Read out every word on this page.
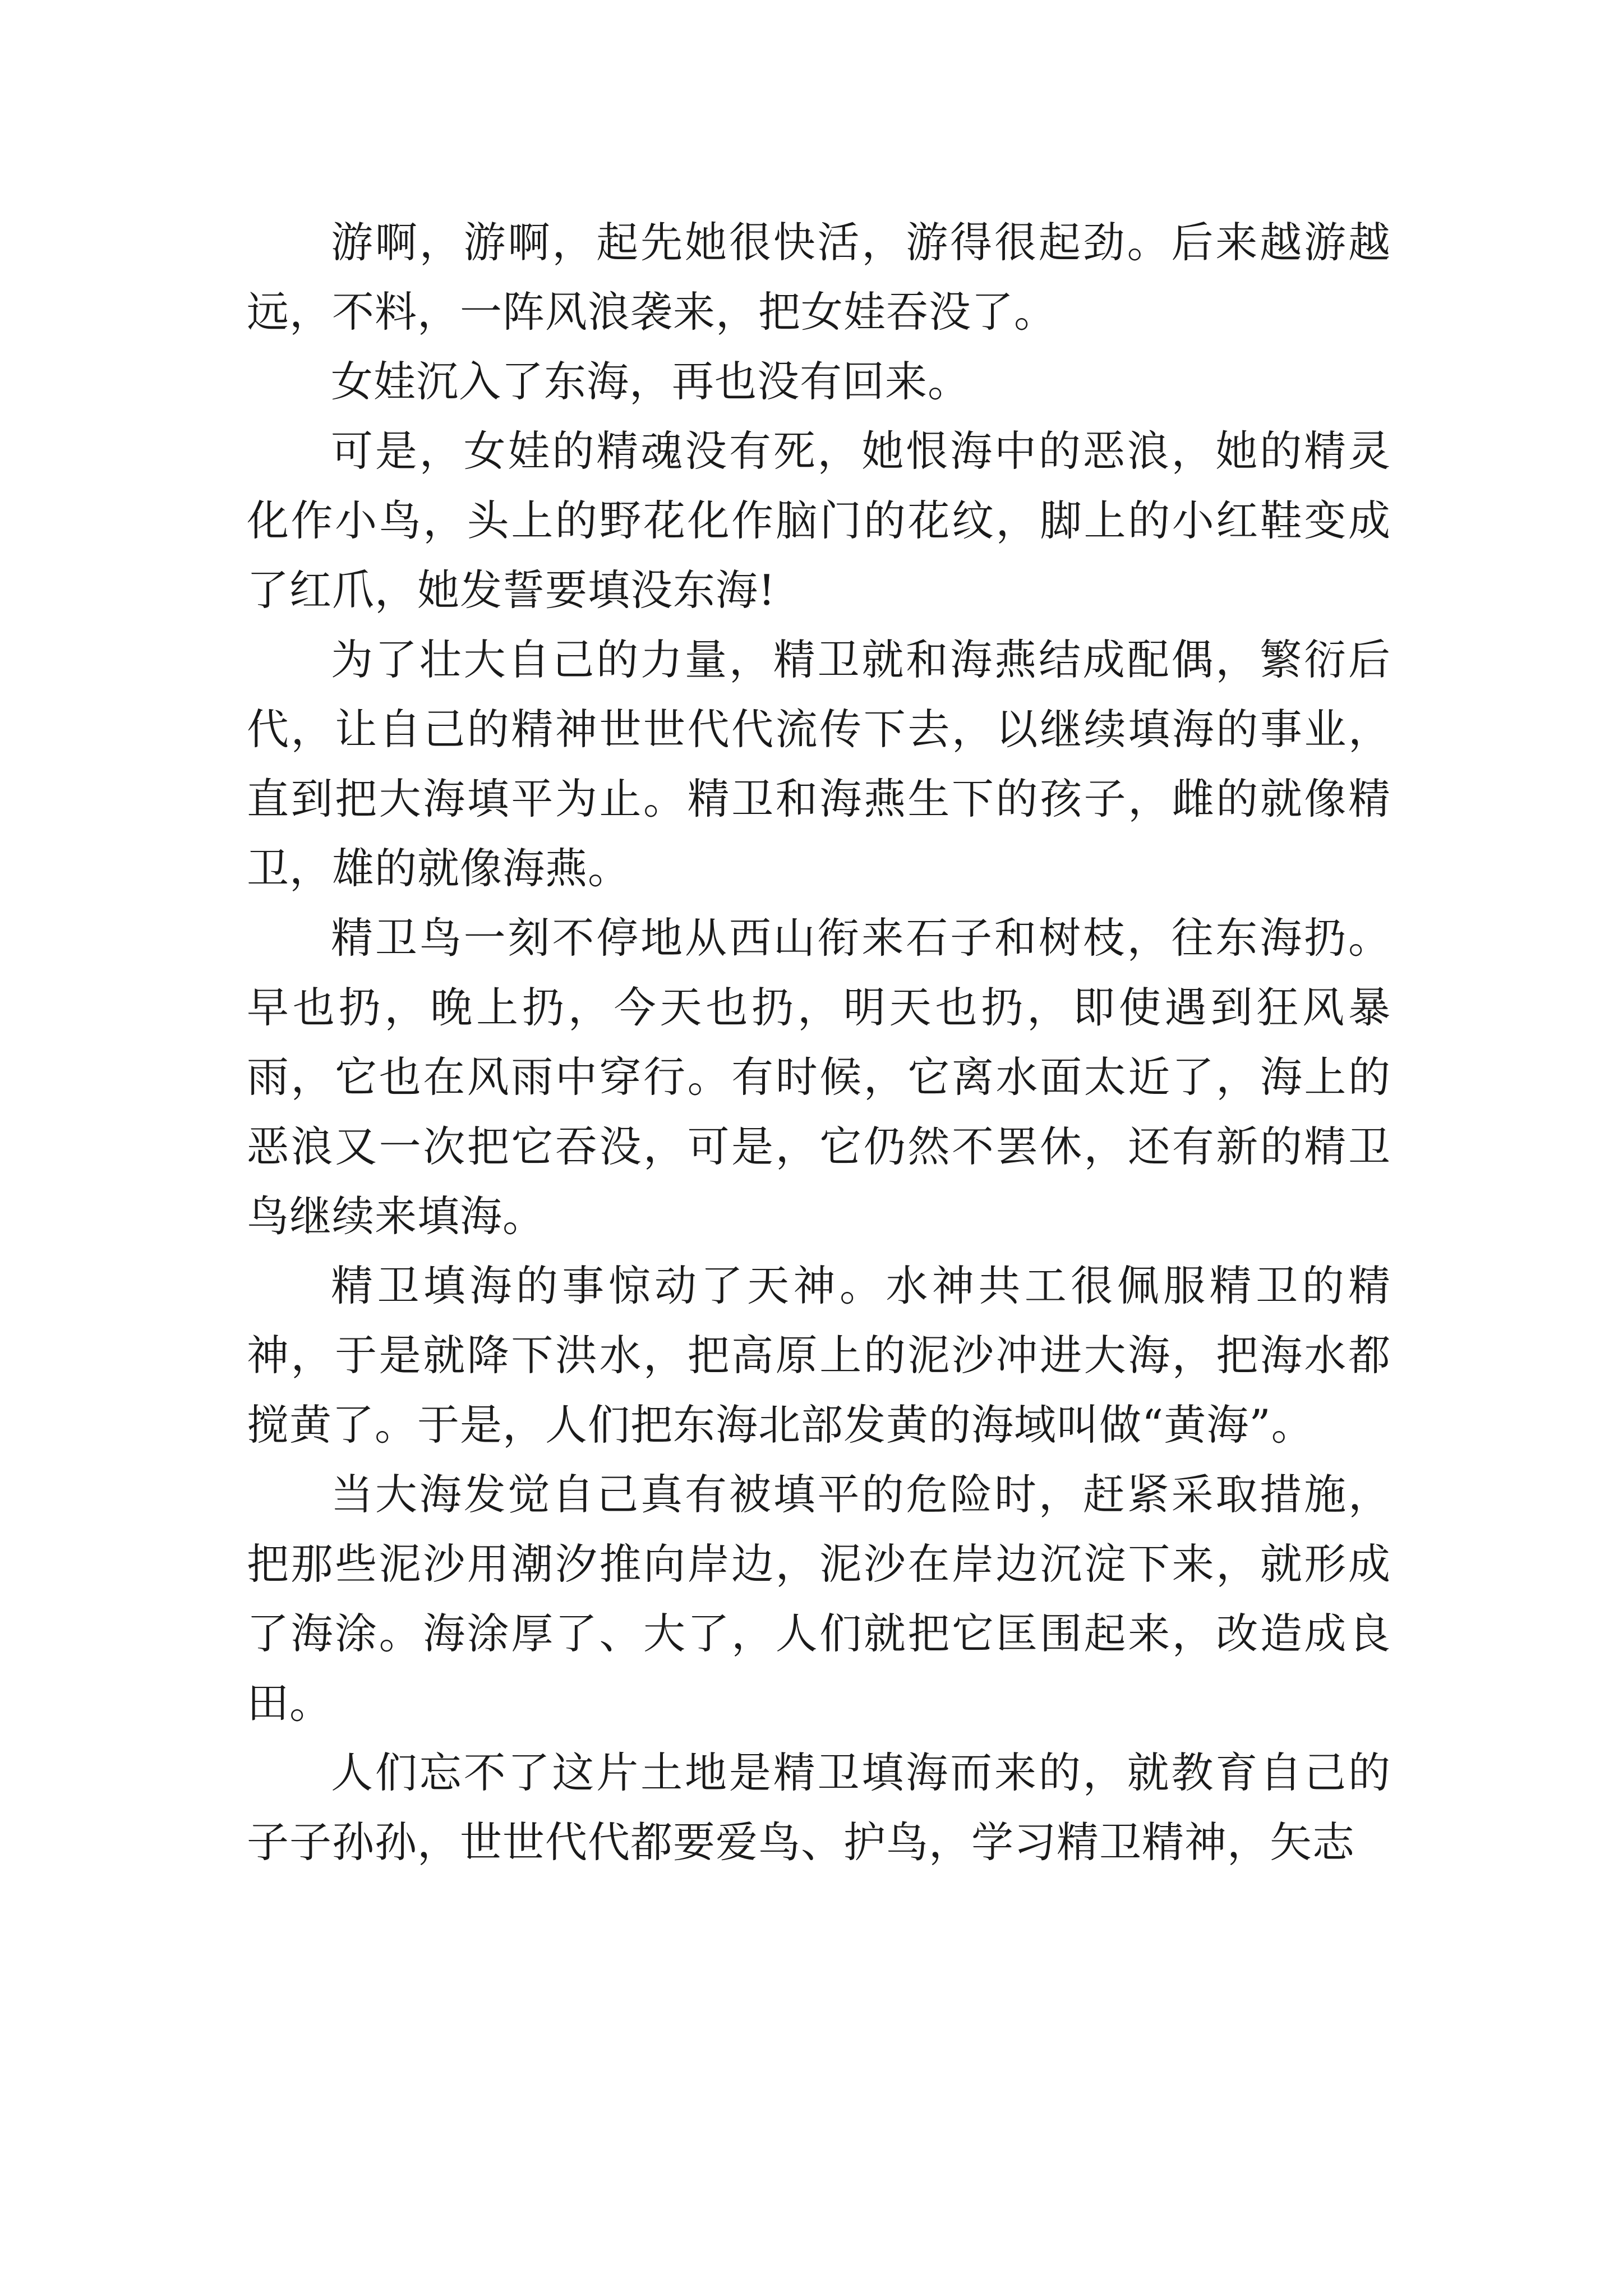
游啊，游啊，起先她很快活，游得很起劲。后来越游越远，不料，一阵风浪袭来，把女娃吞没了。

女娃沉入了东海，再也没有回来。

可是，女娃的精魂没有死，她恨海中的恶浪，她的精灵化作小鸟，头上的野花化作脑门的花纹，脚上的小红鞋变成了红爪，她发誓要填没东海!

为了壮大自己的力量，精卫就和海燕结成配偶，繁衍后代，让自己的精神世世代代流传下去，以继续填海的事业，直到把大海填平为止。精卫和海燕生下的孩子，雌的就像精卫，雄的就像海燕。

精卫鸟一刻不停地从西山衔来石子和树枝，往东海扔。早也扔，晚上扔，今天也扔，明天也扔，即使遇到狂风暴雨，它也在风雨中穿行。有时候，它离水面太近了，海上的恶浪又一次把它吞没，可是，它仍然不罢休，还有新的精卫鸟继续来填海。

精卫填海的事惊动了天神。水神共工很佩服精卫的精神，于是就降下洪水，把高原上的泥沙冲进大海，把海水都搅黄了。于是，人们把东海北部发黄的海域叫做“黄海”。

当大海发觉自己真有被填平的危险时，赶紧采取措施，把那些泥沙用潮汐推向岸边，泥沙在岸边沉淀下来，就形成了海涂。海涂厚了、大了，人们就把它匡围起来，改造成良田。

人们忘不了这片土地是精卫填海而来的，就教育自己的子子孙孙，世世代代都要爱鸟、护鸟，学习精卫精神，矢志
